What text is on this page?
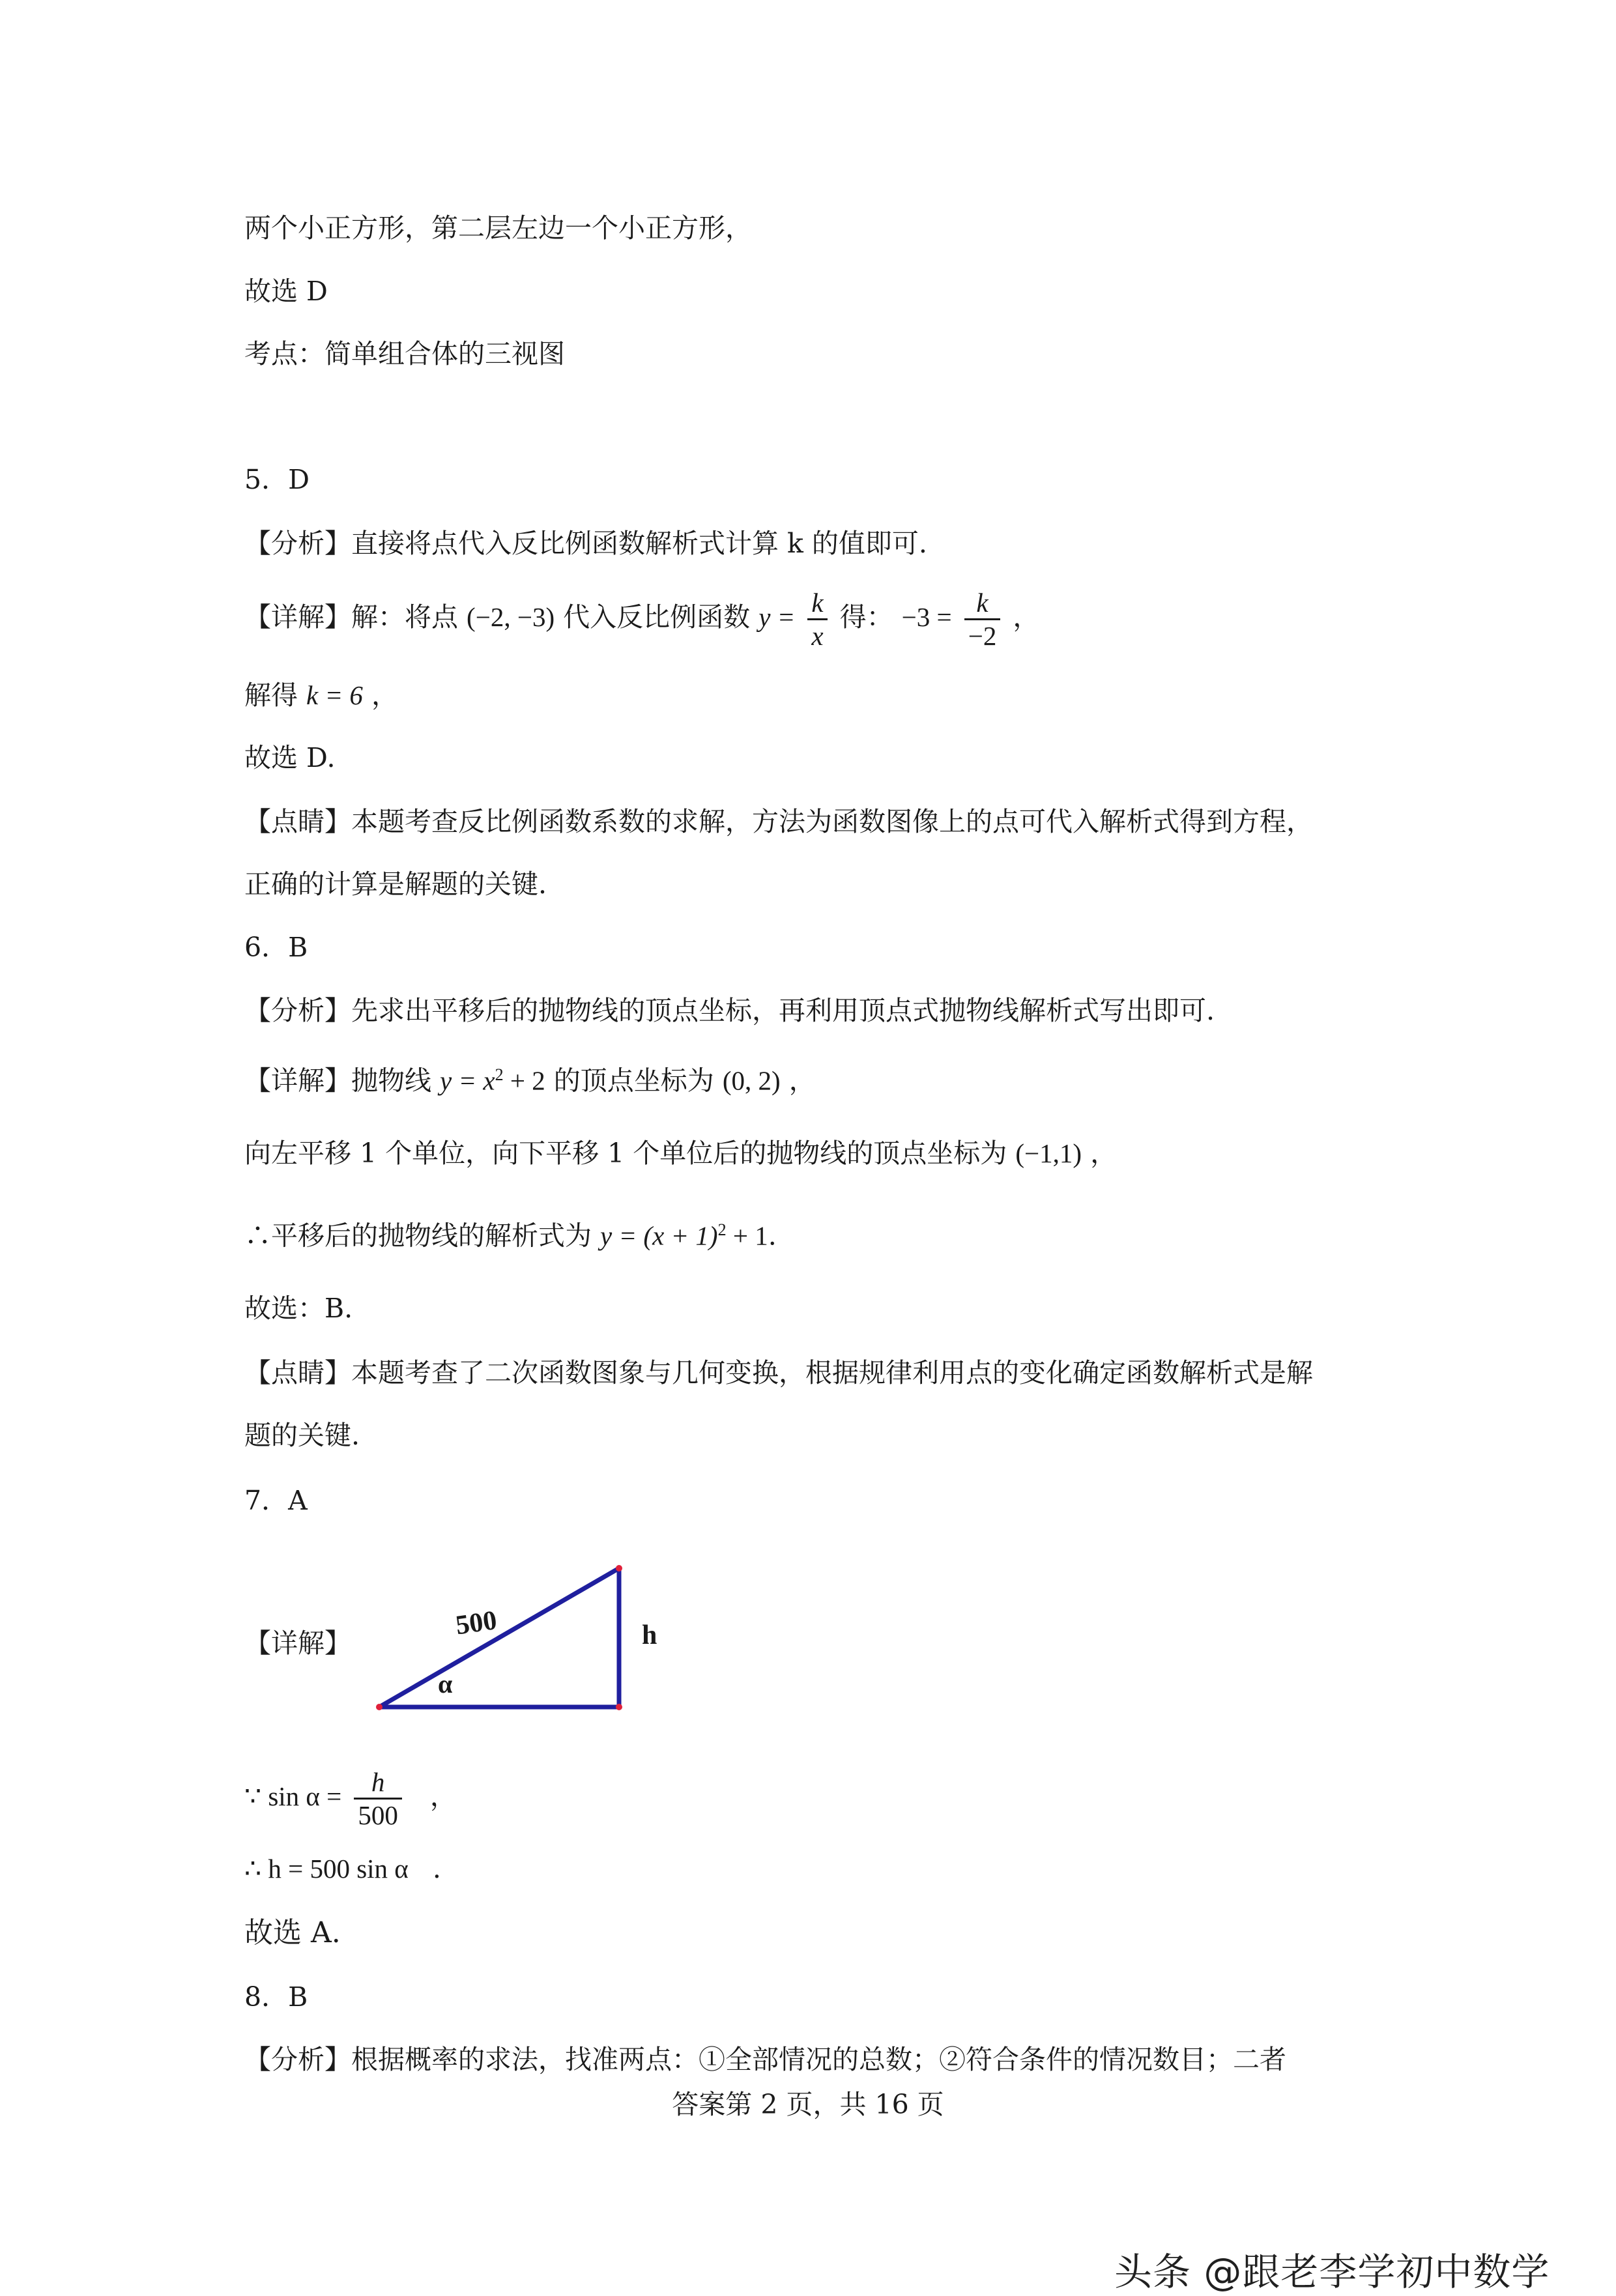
两个小正方形，第二层左边一个小正方形，
故选 D
考点：简单组合体的三视图
5．D
【分析】直接将点代入反比例函数解析式计算 k 的值即可.
【详解】解：将点 (−2, −3) 代入反比例函数 $y = \frac{k}{x}$ 得： $-3 = \frac{k}{-2}$ ，
解得 k = 6 ，
故选 D.
【点睛】本题考查反比例函数系数的求解，方法为函数图像上的点可代入解析式得到方程，
正确的计算是解题的关键.
6．B
【分析】先求出平移后的抛物线的顶点坐标，再利用顶点式抛物线解析式写出即可.
【详解】抛物线 $y = x^2 + 2$ 的顶点坐标为 (0, 2) ，
向左平移 1 个单位，向下平移 1 个单位后的抛物线的顶点坐标为 (−1,1) ，
∴平移后的抛物线的解析式为 $y = (x + 1)^2 + 1$.
故选：B.
【点睛】本题考查了二次函数图象与几何变换，根据规律利用点的变化确定函数解析式是解
题的关键.
7．A
【详解】
500	h
α
∵ $\sin \alpha = \frac{h}{500}$ ，
∴ h = 500 sin α .
故选 A.
8．B
【分析】根据概率的求法，找准两点：①全部情况的总数；②符合条件的情况数目；二者
答案第 2 页，共 16 页
头条 @跟老李学初中数学
